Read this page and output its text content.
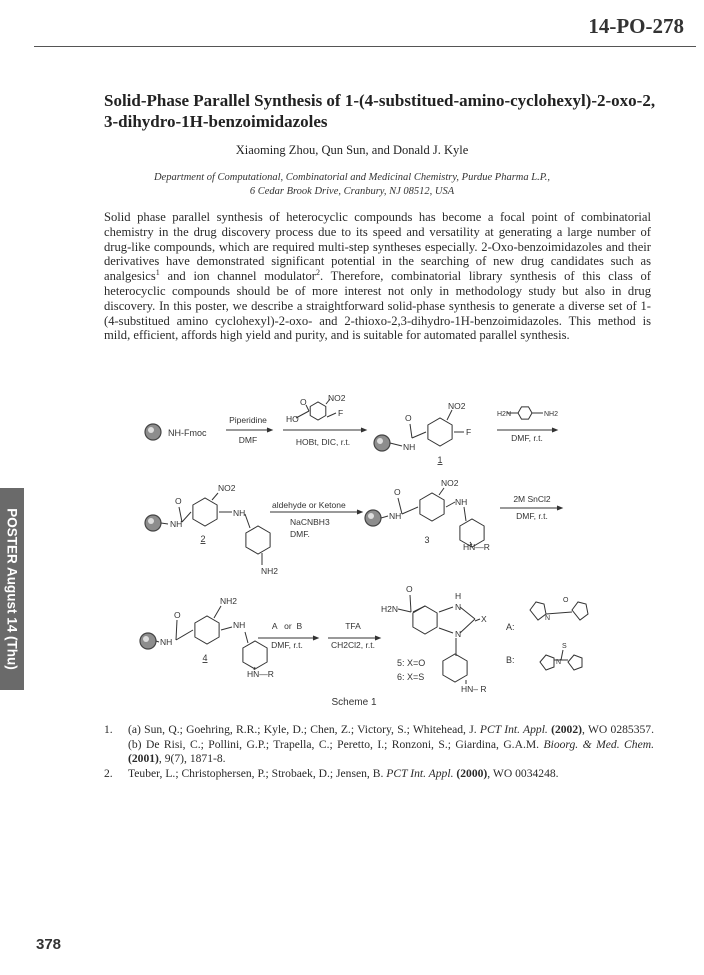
14-PO-278
Solid-Phase Parallel Synthesis of 1-(4-substitued-amino-cyclohexyl)-2-oxo-2, 3-dihydro-1H-benzoimidazoles
Xiaoming Zhou, Qun Sun, and Donald J. Kyle
Department of Computational, Combinatorial and Medicinal Chemistry, Purdue Pharma L.P.,
6 Cedar Brook Drive, Cranbury, NJ 08512, USA
Solid phase parallel synthesis of heterocyclic compounds has become a focal point of combinatorial chemistry in the drug discovery process due to its speed and versatility at generating a large number of drug-like compounds, which are required multi-step syntheses especially. 2-Oxo-benzoimidazoles and their derivatives have demonstrated significant potential in the searching of new drug candidates such as analgesics$^1$ and ion channel modulator$^2$. Therefore, combinatorial library synthesis of this class of heterocyclic compounds should be of more interest not only in methodology study but also in drug discovery. In this poster, we describe a straightforward solid-phase synthesis to generate a diverse set of 1-(4-substitued amino cyclohexyl)-2-oxo- and 2-thioxo-2,3-dihydro-1H-benzoimidazoles. This method is mild, efficient, affords high yield and purity, and is suitable for automated parallel synthesis.
NH-Fmoc
Piperidine
DMF
HO
O	NO2
F
HOBt, DIC, r.t.
O
NH
NO2
F
1
H2N	NH2
DMF, r.t.
O
NH
NO2
NH
NH2
2
aldehyde or Ketone
NaCNBH3
DMF.
O
NH
NO2
NH
HN—R
3
2M SnCl2
DMF, r.t.
O
NH
NH2
NH
HN—R
4
A   or  B
DMF, r.t.
TFA
CH2Cl2, r.t.
H2N
O
H
N
X
N
HN– R
5: X=O
6: X=S
A:
B:
N
O
S
N
Scheme 1
1.	(a) Sun, Q.; Goehring, R.R.; Kyle, D.; Chen, Z.; Victory, S.; Whitehead, J. PCT Int. Appl. (2002), WO 0285357. (b) De Risi, C.; Pollini, G.P.; Trapella, C.; Peretto, I.; Ronzoni, S.; Giardina, G.A.M. Bioorg. & Med. Chem. (2001), 9(7), 1871-8.
2.	Teuber, L.; Christophersen, P.; Strobaek, D.; Jensen, B. PCT Int. Appl. (2000), WO 0034248.
POSTER August 14 (Thu)
378
